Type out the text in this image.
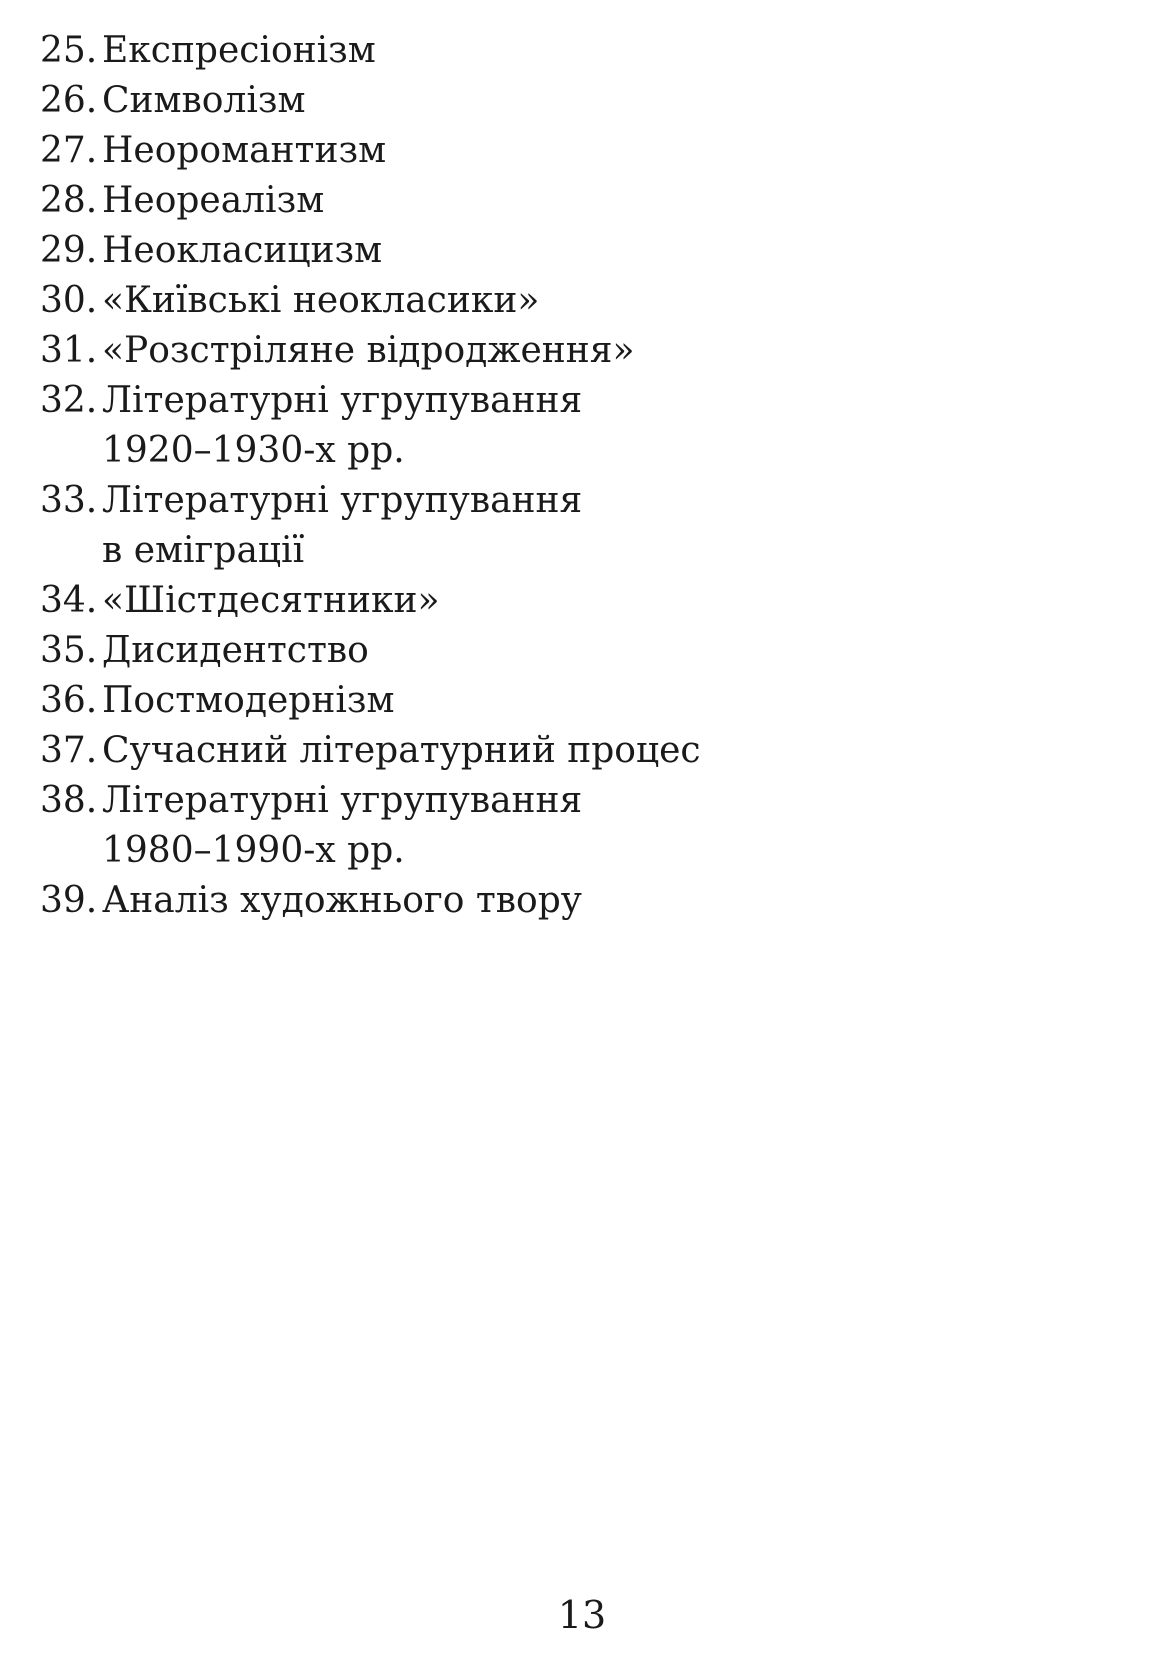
25. Експресіонізм
26. Символізм
27. Неоромантизм
28. Неореалізм
29. Неокласицизм
30. «Київські неокласики»
31. «Розстріляне відродження»
32. Літературні угрупування
1920–1930-х рр.
33. Літературні угрупування
в еміграції
34. «Шістдесятники»
35. Дисидентство
36. Постмодернізм
37. Сучасний літературний процес
38. Літературні угрупування
1980–1990-х рр.
39. Аналіз художнього твору
13
